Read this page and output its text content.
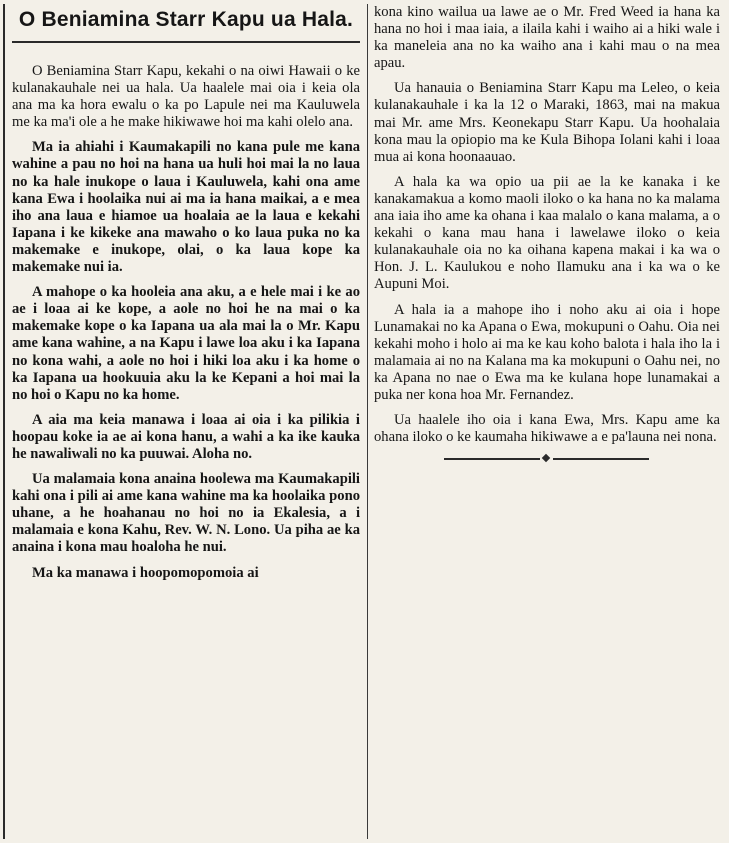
O Beniamina Starr Kapu ua Hala.

O Beniamina Starr Kapu, kekahi o na oiwi Hawaii o ke kulanakauhale nei ua hala. Ua haalele mai oia i keia ola ana ma ka hora ewalu o ka po Lapule nei ma Kauluwela me ka ma'i ole a he make hikiwawe hoi ma kahi olelo ana.

Ma ia ahiahi i Kaumakapili no kana pule me kana wahine a pau no hoi na hana ua huli hoi mai la no laua no ka hale inukope o laua i Kauluwela, kahi ona ame kana Ewa i hoolaika nui ai ma ia hana maikai, a e mea iho ana laua e hiamoe ua hoalaia ae la laua e kekahi Iapana i ke kikeke ana mawaho o ko laua puka no ka makemake e inukope, olai, o ka laua kope ka makemake nui ia.

A mahope o ka hooleia ana aku, a e hele mai i ke ao ae i loaa ai ke kope, a aole no hoi he na mai o ka makemake kope o ka Iapana ua ala mai la o Mr. Kapu ame kana wahine, a na Kapu i lawe loa aku i ka Iapana no kona wahi, a aole no hoi i hiki loa aku i ka home o ka Iapana ua hookuuia aku la ke Kepani a hoi mai la no hoi o Kapu no ka home.

A aia ma keia manawa i loaa ai oia i ka pilikia i hoopau koke ia ae ai kona hanu, a wahi a ka ike kauka he nawaliwali no ka puuwai. Aloha no.

Ua malamaia kona anaina hoolewa ma Kaumakapili kahi ona i pili ai ame kana wahine ma ka hoolaika pono uhane, a he hoahanau no hoi no ia Ekalesia, a i malamaia e kona Kahu, Rev. W. N. Lono. Ua piha ae ka anaina i kona mau hoaloha he nui.

Ma ka manawa i hoopomopomoia ai

kona kino wailua ua lawe ae o Mr. Fred Weed ia hana ka hana no hoi i maa iaia, a ilaila kahi i waiho ai a hiki wale i ka maneleia ana no ka waiho ana i kahi mau o na mea apau.

Ua hanauia o Beniamina Starr Kapu ma Leleo, o keia kulanakauhale i ka la 12 o Maraki, 1863, mai na makua mai Mr. ame Mrs. Keonekapu Starr Kapu. Ua hoohalaia kona mau la opiopio ma ke Kula Bihopa Iolani kahi i loaa mua ai kona hoonaauao.

A hala ka wa opio ua pii ae la ke kanaka i ke kanakamakua a komo maoli iloko o ka hana no ka malama ana iaia iho ame ka ohana i kaa malalo o kana malama, a o kekahi o kana mau hana i lawelawe iloko o keia kulanakauhale oia no ka oihana kapena makai i ka wa o Hon. J. L. Kaulukou e noho Ilamuku ana i ka wa o ke Aupuni Moi.

A hala ia a mahope iho i noho aku ai oia i hope Lunamakai no ka Apana o Ewa, mokupuni o Oahu. Oia nei kekahi moho i holo ai ma ke kau koho balota i hala iho la i malamaia ai no na Kalana ma ka mokupuni o Oahu nei, no ka Apana no nae o Ewa ma ke kulana hope lunamakai a puka ner kona hoa Mr. Fernandez.

Ua haalele iho oia i kana Ewa, Mrs. Kapu ame ka ohana iloko o ke kaumaha hikiwawe a e pa'launa nei nona.
